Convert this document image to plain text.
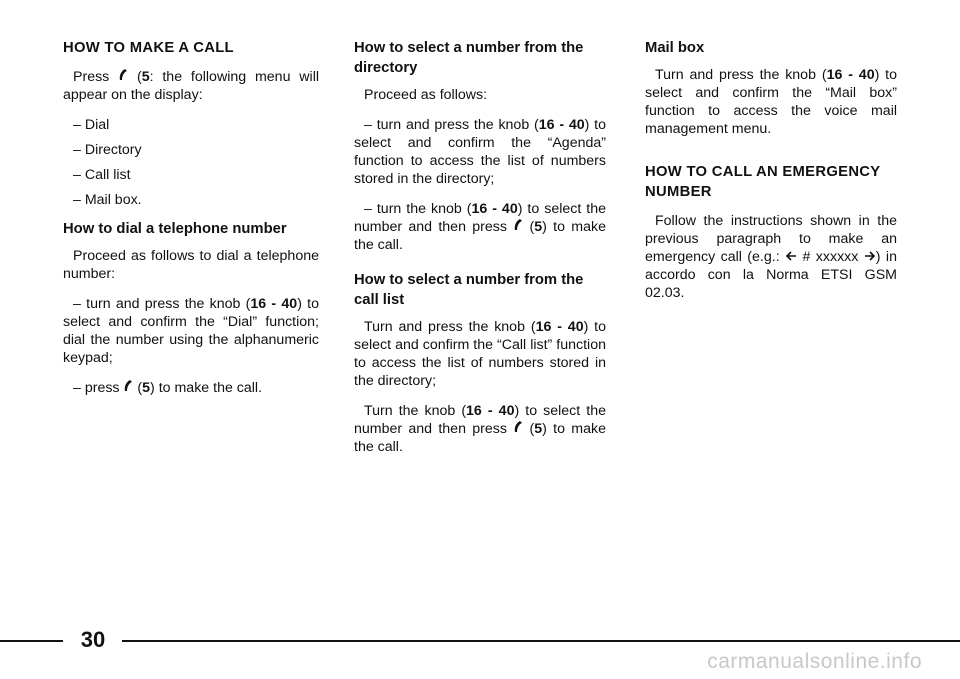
HOW TO MAKE A CALL

Press
(5: the following menu will appear on the display:

– Dial
– Directory
– Call list
– Mail box.
How to dial a telephone number

Proceed as follows to dial a telephone number:

– turn and press the knob (16 - 40) to select and confirm the “Dial” function; dial the number using the alphanumeric keypad;

– press
(5) to make the call.

How to select a number from the directory

Proceed as follows:

– turn and press the knob (16 - 40) to select and confirm the “Agenda” function to access the list of numbers stored in the directory;

– turn the knob (16 - 40) to select the number and then press
(5) to make the call.

How to select a number from the call list

Turn and press the knob (16 - 40) to select and confirm the “Call list” function to access the list of numbers stored in the directory;

Turn the knob (16 - 40) to select the number and then press
(5) to make the call.

Mail box

Turn and press the knob (16 - 40) to select and confirm the “Mail box” function to access the voice mail management menu.

HOW TO CALL AN EMERGENCY NUMBER

Follow the instructions shown in the previous paragraph to make an emergency call (e.g.: # xxxxxx ) in accordo con la Norma ETSI GSM 02.03.

30
carmanualsonline.info
